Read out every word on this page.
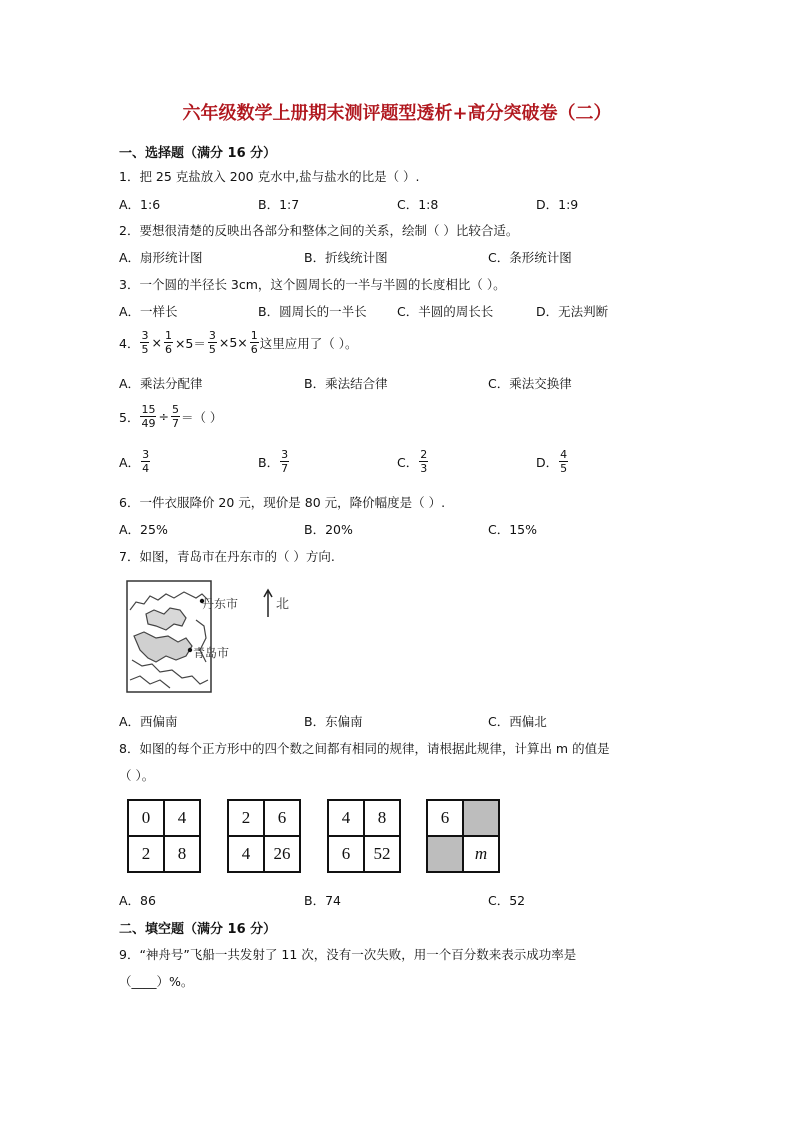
六年级数学上册期末测评题型透析+高分突破卷（二）
一、选择题（满分 16 分）
1．把 25 克盐放入 200 克水中,盐与盐水的比是（ ）.
A．1:6	B．1:7	C．1:8	D．1:9
2．要想很清楚的反映出各部分和整体之间的关系，绘制（ ）比较合适。
A．扇形统计图	B．折线统计图	C．条形统计图
3．一个圆的半径长 3cm，这个圆周长的一半与半圆的长度相比（ ）。
A．一样长	B．圆周长的一半长 C．半圆的周长长	D．无法判断
4． $\frac{3}{5} \times \frac{1}{6} \times 5= \frac{3}{5} \times 5\times \frac{1}{6}$ 这里应用了（ ）。
A．乘法分配律	B．乘法结合律	C．乘法交换律
5． $\frac{15}{49} \div \frac{5}{7}$ ＝（ ）
A． $\frac{3}{4}$	B． $\frac{3}{7}$	C． $\frac{2}{3}$	D． $\frac{4}{5}$
6．一件衣服降价 20 元，现价是 80 元，降价幅度是（ ）.
A．25%	B．20%	C．15%
7．如图，青岛市在丹东市的（ ）方向.
丹东市
青岛市
北
A．西偏南	B．东偏南	C．西偏北
8．如图的每个正方形中的四个数之间都有相同的规律，请根据此规律，计算出 m 的值是
（ ）。
0	4
2	8
2	6
4	26
4	8
6	52
6
m
A．86	B．74	C．52
二、填空题（满分 16 分）
9．“神舟号”飞船一共发射了 11 次，没有一次失败，用一个百分数来表示成功率是
（____）%。
